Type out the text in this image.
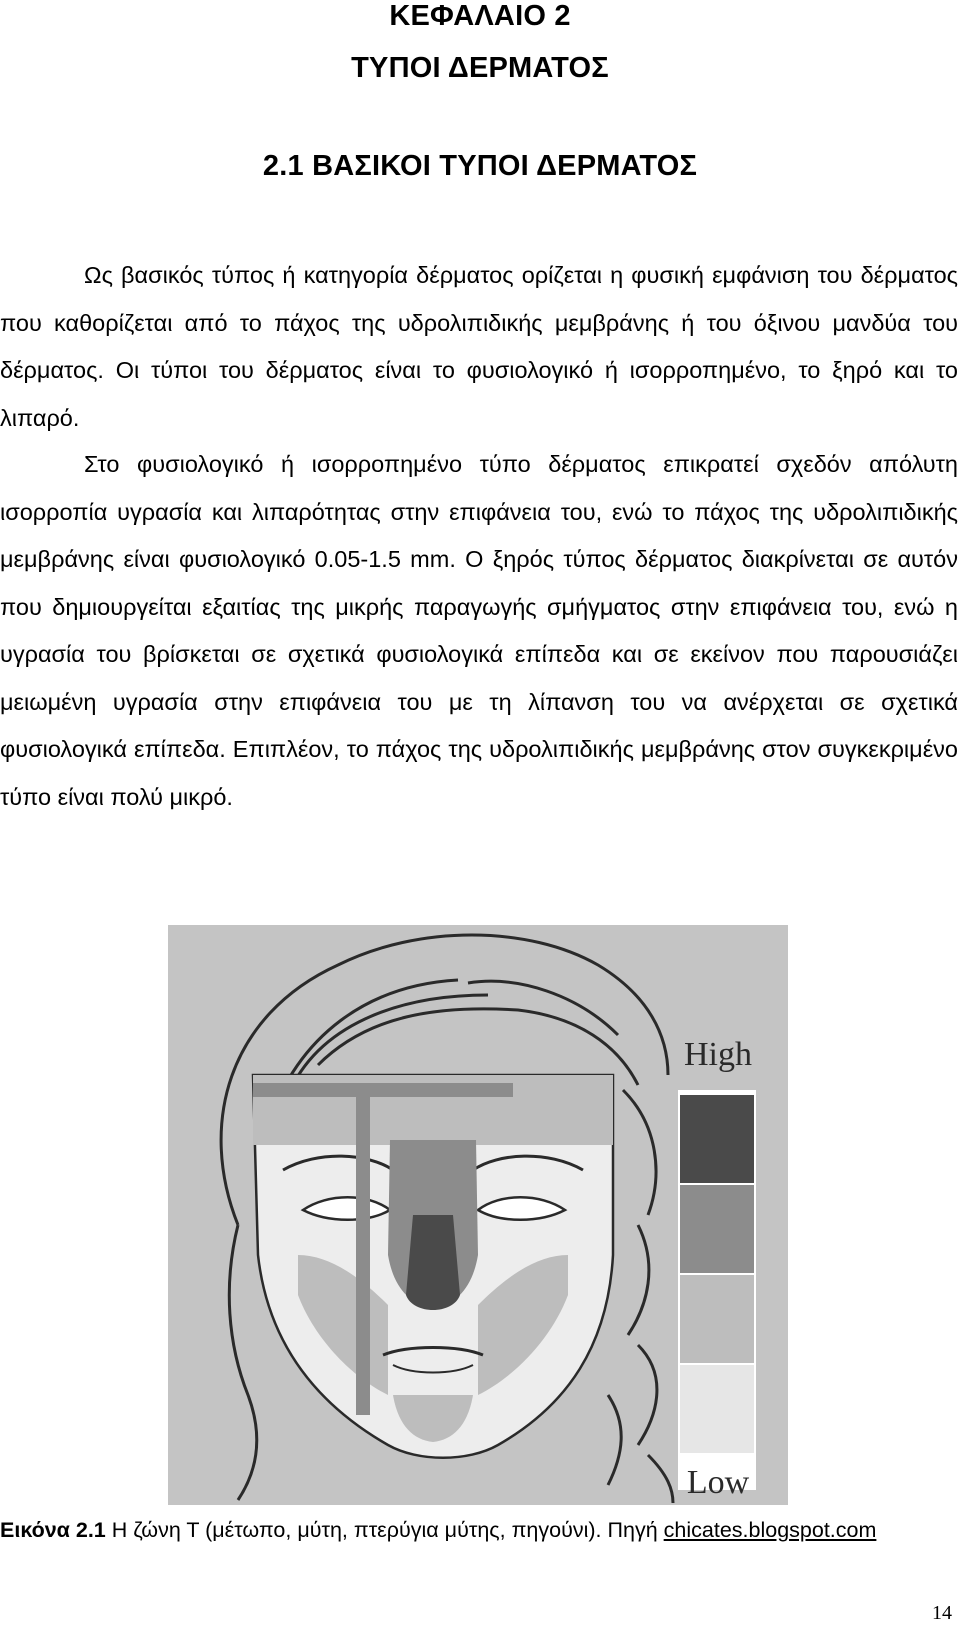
ΚΕΦΑΛΑΙΟ 2
ΤΥΠΟΙ ΔΕΡΜΑΤΟΣ
2.1 ΒΑΣΙΚΟΙ ΤΥΠΟΙ ΔΕΡΜΑΤΟΣ

Ως βασικός τύπος ή κατηγορία δέρματος ορίζεται η φυσική εμφάνιση του δέρματος που καθορίζεται από το πάχος της υδρολιπιδικής μεμβράνης ή του όξινου μανδύα του δέρματος. Οι τύποι του δέρματος είναι το φυσιολογικό ή ισορροπημένο, το ξηρό και το λιπαρό.

Στο φυσιολογικό ή ισορροπημένο τύπο δέρματος επικρατεί σχεδόν απόλυτη ισορροπία υγρασία και λιπαρότητας στην επιφάνεια του, ενώ το πάχος της υδρολιπιδικής μεμβράνης είναι φυσιολογικό 0.05-1.5 mm. Ο ξηρός τύπος δέρματος διακρίνεται σε αυτόν που δημιουργείται εξαιτίας της μικρής παραγωγής σμήγματος στην επιφάνεια του, ενώ η υγρασία του βρίσκεται σε σχετικά φυσιολογικά επίπεδα και σε εκείνον που παρουσιάζει μειωμένη υγρασία στην επιφάνεια του με τη λίπανση του να ανέρχεται σε σχετικά φυσιολογικά επίπεδα. Επιπλέον, το πάχος της υδρολιπιδικής μεμβράνης στον συγκεκριμένο τύπο είναι πολύ μικρό.

High
Low
Εικόνα 2.1 Η ζώνη Τ (μέτωπο, μύτη, πτερύγια μύτης, πηγούνι). Πηγή chicates.blogspot.com
14
